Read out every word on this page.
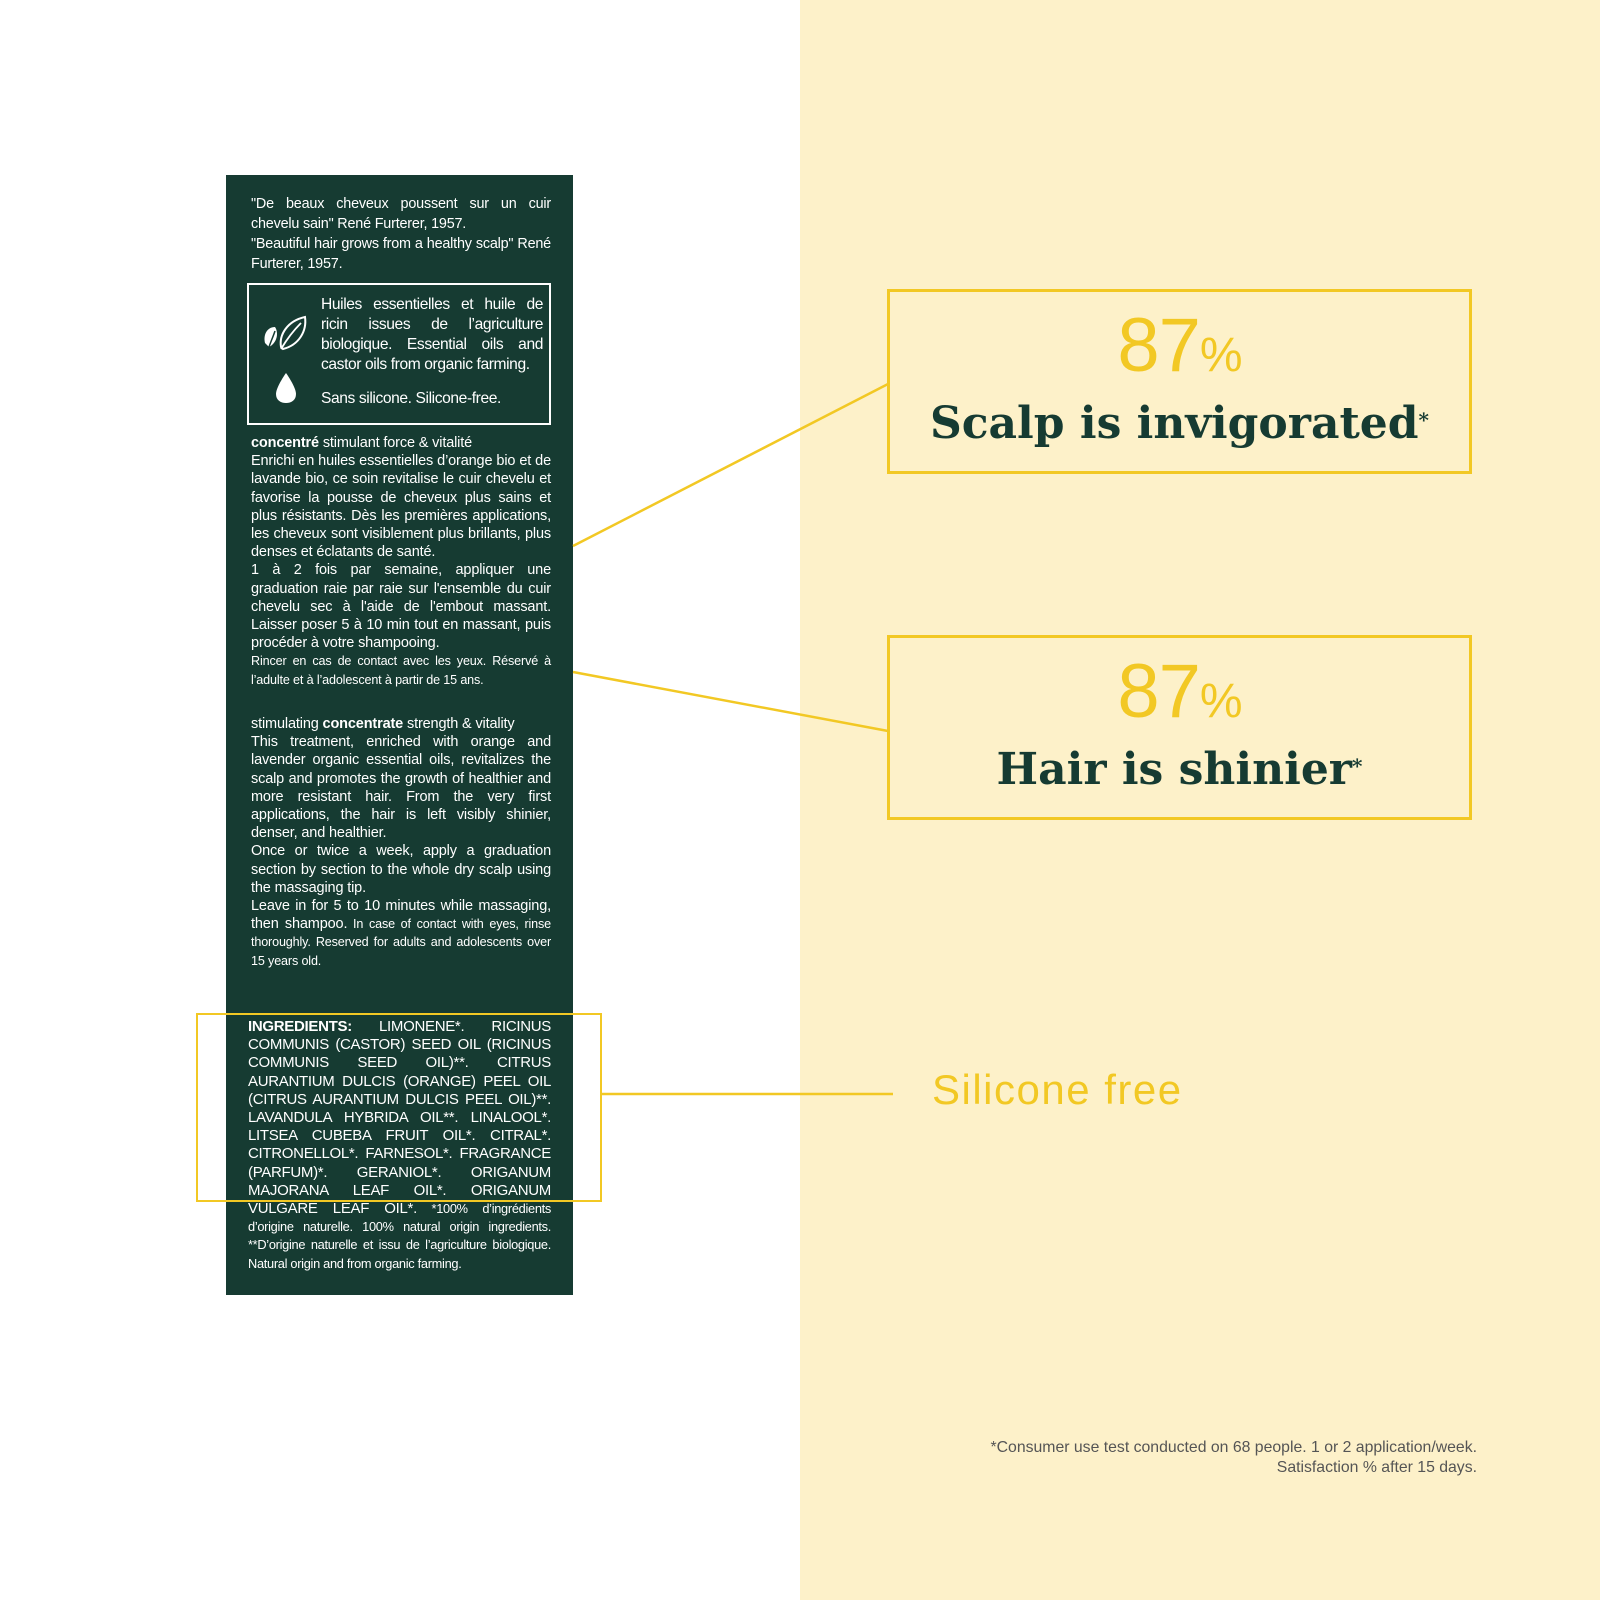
"De beaux cheveux poussent sur un cuir chevelu sain" René Furterer, 1957.

"Beautiful hair grows from a healthy scalp" René Furterer, 1957.

Huiles essentielles et huile de ricin issues de l’agriculture biologique. Essential oils and castor oils from organic farming.

Sans silicone. Silicone-free.

concentré stimulant force & vitalité

Enrichi en huiles essentielles d’orange bio et de lavande bio, ce soin revitalise le cuir chevelu et favorise la pousse de cheveux plus sains et plus résistants. Dès les premières applications, les cheveux sont visiblement plus brillants, plus denses et éclatants de santé.

1 à 2 fois par semaine, appliquer une graduation raie par raie sur l'ensemble du cuir chevelu sec à l'aide de l'embout massant. Laisser poser 5 à 10 min tout en massant, puis procéder à votre shampooing.

Rincer en cas de contact avec les yeux. Réservé à l’adulte et à l’adolescent à partir de 15 ans.

stimulating concentrate strength & vitality

This treatment, enriched with orange and lavender organic essential oils, revitalizes the scalp and promotes the growth of healthier and more resistant hair. From the very first applications, the hair is left visibly shinier, denser, and healthier.

Once or twice a week, apply a graduation section by section to the whole dry scalp using the massaging tip.

Leave in for 5 to 10 minutes while massaging, then shampoo. In case of contact with eyes, rinse thoroughly. Reserved for adults and adolescents over 15 years old.

INGREDIENTS: LIMONENE*. RICINUS COMMUNIS (CASTOR) SEED OIL (RICINUS COMMUNIS SEED OIL)**. CITRUS AURANTIUM DULCIS (ORANGE) PEEL OIL (CITRUS AURANTIUM DULCIS PEEL OIL)**. LAVANDULA HYBRIDA OIL**. LINALOOL*. LITSEA CUBEBA FRUIT OIL*. CITRAL*. CITRONELLOL*. FARNESOL*. FRAGRANCE (PARFUM)*. GERANIOL*. ORIGANUM MAJORANA LEAF OIL*. ORIGANUM VULGARE LEAF OIL*. *100% d’ingrédients d’origine naturelle. 100% natural origin ingredients. **D’origine naturelle et issu de l’agriculture biologique. Natural origin and from organic farming.

87%
Scalp is invigorated*
87%
Hair is shinier*
Silicone free

*Consumer use test conducted on 68 people. 1 or 2 application/week.

Satisfaction % after 15 days.
